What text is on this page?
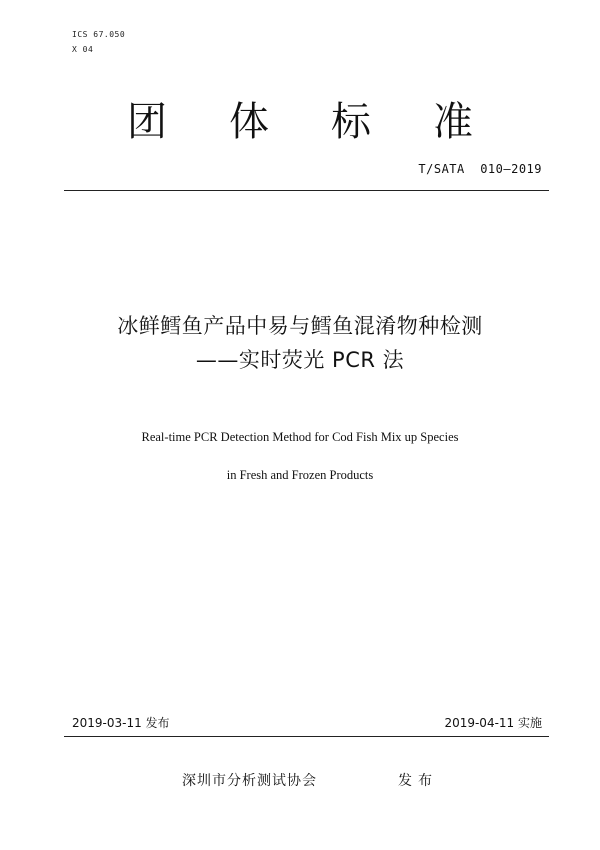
ICS 67.050
X 04
团体标准
T/SATA  010—2019
冰鲜鳕鱼产品中易与鳕鱼混淆物种检测
——实时荧光 PCR 法
Real-time PCR Detection Method for Cod Fish Mix up Species
in Fresh and Frozen Products
2019-03-11 发布	2019-04-11 实施
深圳市分析测试协会	发布
